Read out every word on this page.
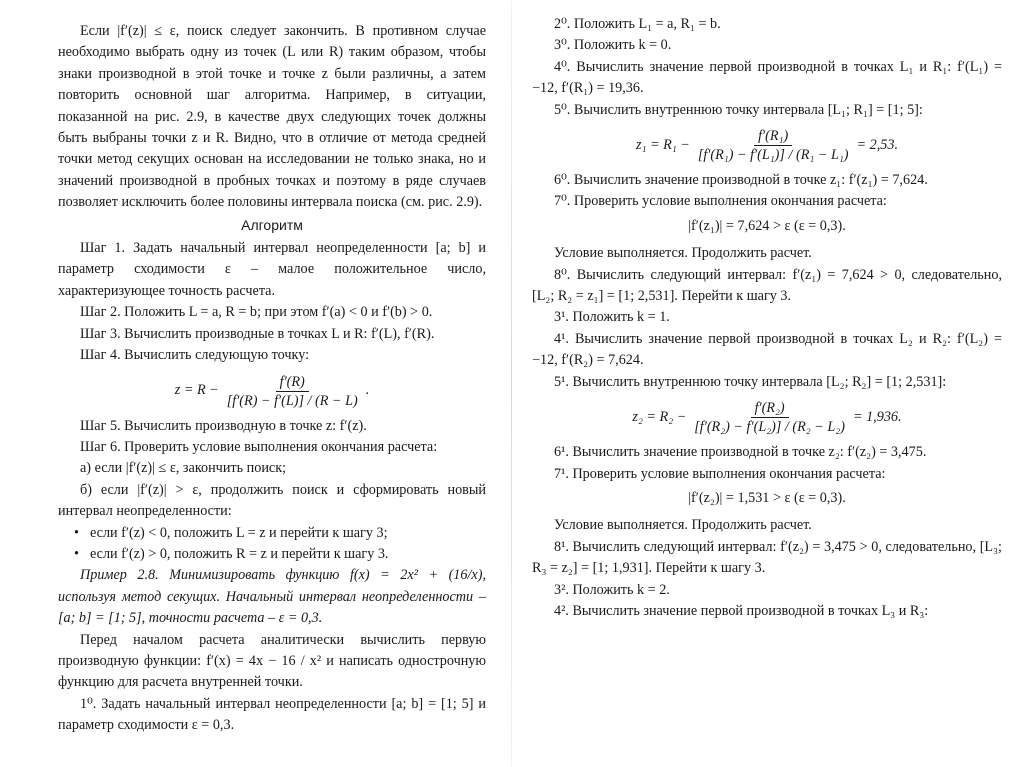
Если |f′(z)| ≤ ε, поиск следует закончить. В противном случае необходимо выбрать одну из точек (L или R) таким образом, чтобы знаки производной в этой точке и точке z были различны, а затем повторить основной шаг алгоритма. Например, в ситуации, показанной на рис. 2.9, в качестве двух следующих точек должны быть выбраны точки z и R. Видно, что в отличие от метода средней точки метод секущих основан на исследовании не только знака, но и значений производной в пробных точках и поэтому в ряде случаев позволяет исключить более половины интервала поиска (см. рис. 2.9).

Алгоритм

Шаг 1. Задать начальный интервал неопределенности [a; b] и параметр сходимости ε – малое положительное число, характеризующее точность расчета.

Шаг 2. Положить L = a, R = b; при этом f′(a) < 0 и f′(b) > 0.

Шаг 3. Вычислить производные в точках L и R: f′(L), f′(R).

Шаг 4. Вычислить следующую точку:

$z = R - \frac{f'(R)}{[f'(R) - f'(L)] / (R - L)}$ .

Шаг 5. Вычислить производную в точке z: f′(z).

Шаг 6. Проверить условие выполнения окончания расчета:

а) если |f′(z)| ≤ ε, закончить поиск;

б) если |f′(z)| > ε, продолжить поиск и сформировать новый интервал неопределенности:

• если f′(z) < 0, положить L = z и перейти к шагу 3;

• если f′(z) > 0, положить R = z и перейти к шагу 3.

Пример 2.8. Минимизировать функцию f(x) = 2x² + (16/x), используя метод секущих. Начальный интервал неопределенности – [a; b] = [1; 5], точности расчета – ε = 0,3.

Перед началом расчета аналитически вычислить первую производную функции: f′(x) = 4x − 16 / x² и написать однострочную функцию для расчета внутренней точки.

1⁰. Задать начальный интервал неопределенности [a; b] = [1; 5] и параметр сходимости ε = 0,3.

2⁰. Положить L₁ = a, R₁ = b.

3⁰. Положить k = 0.

4⁰. Вычислить значение первой производной в точках L₁ и R₁: f′(L₁) = −12, f′(R₁) = 19,36.

5⁰. Вычислить внутреннюю точку интервала [L₁; R₁] = [1; 5]:

$z_1 = R_1 - \frac{\text{f′(R₁)}}{\text{[f′(R₁) − f′(L₁)] / (R₁ − L₁)}} = 2,53$.

6⁰. Вычислить значение производной в точке z₁: f′(z₁) = 7,624.

7⁰. Проверить условие выполнения окончания расчета:

|f′(z₁)| = 7,624 > ε (ε = 0,3).

Условие выполняется. Продолжить расчет.

8⁰. Вычислить следующий интервал: f′(z₁) = 7,624 > 0, следовательно, [L₂; R₂ = z₁] = [1; 2,531]. Перейти к шагу 3.

3¹. Положить k = 1.

4¹. Вычислить значение первой производной в точках L₂ и R₂: f′(L₂) = −12, f′(R₂) = 7,624.

5¹. Вычислить внутреннюю точку интервала [L₂; R₂] = [1; 2,531]:

$z_2 = R_2 - \frac{\text{f′(R₂)}}{\text{[f′(R₂) − f′(L₂)] / (R₂ − L₂)}} = 1,936$.

6¹. Вычислить значение производной в точке z₂: f′(z₂) = 3,475.

7¹. Проверить условие выполнения окончания расчета:

|f′(z₂)| = 1,531 > ε (ε = 0,3).

Условие выполняется. Продолжить расчет.

8¹. Вычислить следующий интервал: f′(z₂) = 3,475 > 0, следовательно, [L₃; R₃ = z₂] = [1; 1,931]. Перейти к шагу 3.

3². Положить k = 2.

4². Вычислить значение первой производной в точках L₃ и R₃:
